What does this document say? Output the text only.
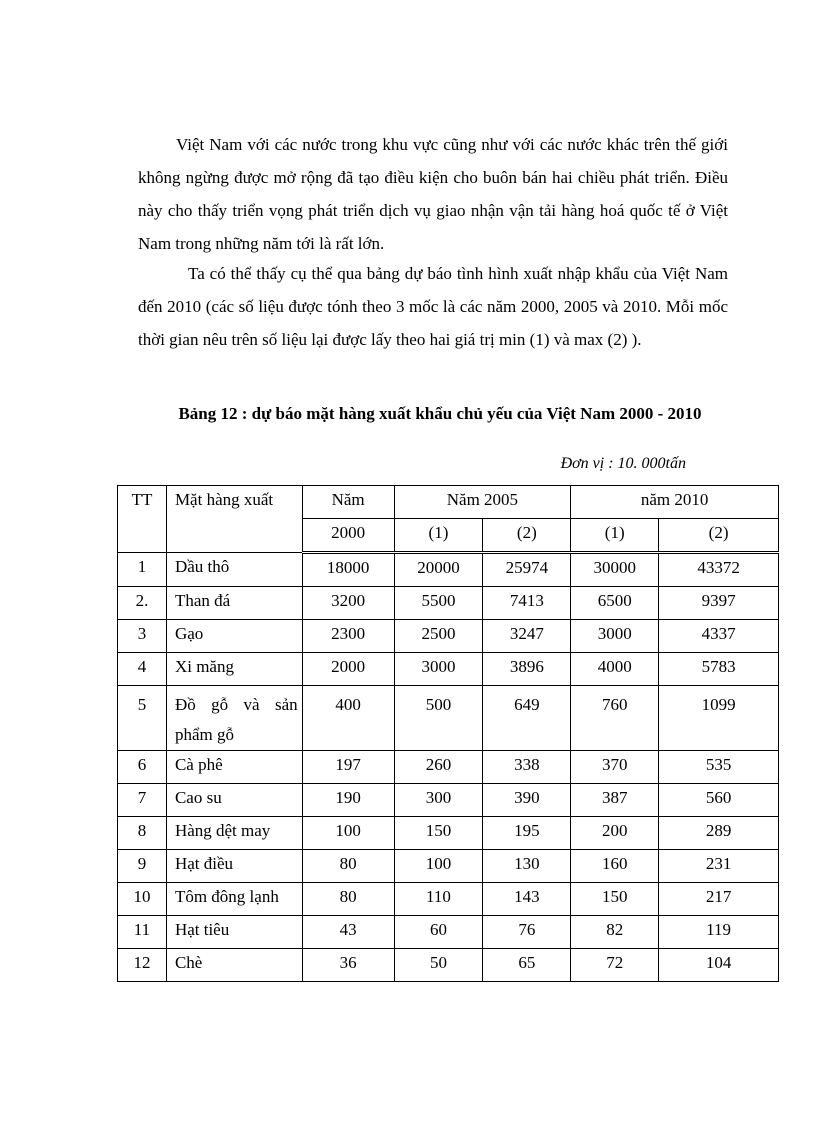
Việt Nam với các nước trong khu vực cũng như với các nước khác trên thế giới không ngừng được mở rộng đã tạo điều kiện cho buôn bán hai chiều phát triển. Điều này cho thấy triển vọng phát triển dịch vụ giao nhận vận tải hàng hoá quốc tế ở Việt Nam trong những năm tới là rất lớn.

Ta có thể thấy cụ thể qua bảng dự báo tình hình xuất nhập khẩu của Việt Nam đến 2010 (các số liệu được tónh theo 3 mốc là các năm 2000, 2005 và 2010. Mỗi mốc thời gian nêu trên số liệu lại được lấy theo hai giá trị min (1) và max (2) ).

Bảng 12 : dự báo mặt hàng xuất khẩu chủ yếu của Việt Nam 2000 - 2010

Đơn vị : 10. 000tấn

TT	Mặt hàng xuất	Năm	Năm 2005		năm 2010	
		2000	(1)	(2)	(1)	(2)
1	Dầu thô	18000	20000	25974	30000	43372
2.	Than đá	3200	5500	7413	6500	9397
3	Gạo	2300	2500	3247	3000	4337
4	Xi măng	2000	3000	3896	4000	5783
5	Đồ gỗ và sản phẩm gỗ	400	500	649	760	1099
6	Cà phê	197	260	338	370	535
7	Cao su	190	300	390	387	560
8	Hàng dệt may	100	150	195	200	289
9	Hạt điều	80	100	130	160	231
10	Tôm đông lạnh	80	110	143	150	217
11	Hạt tiêu	43	60	76	82	119
12	Chè	36	50	65	72	104
